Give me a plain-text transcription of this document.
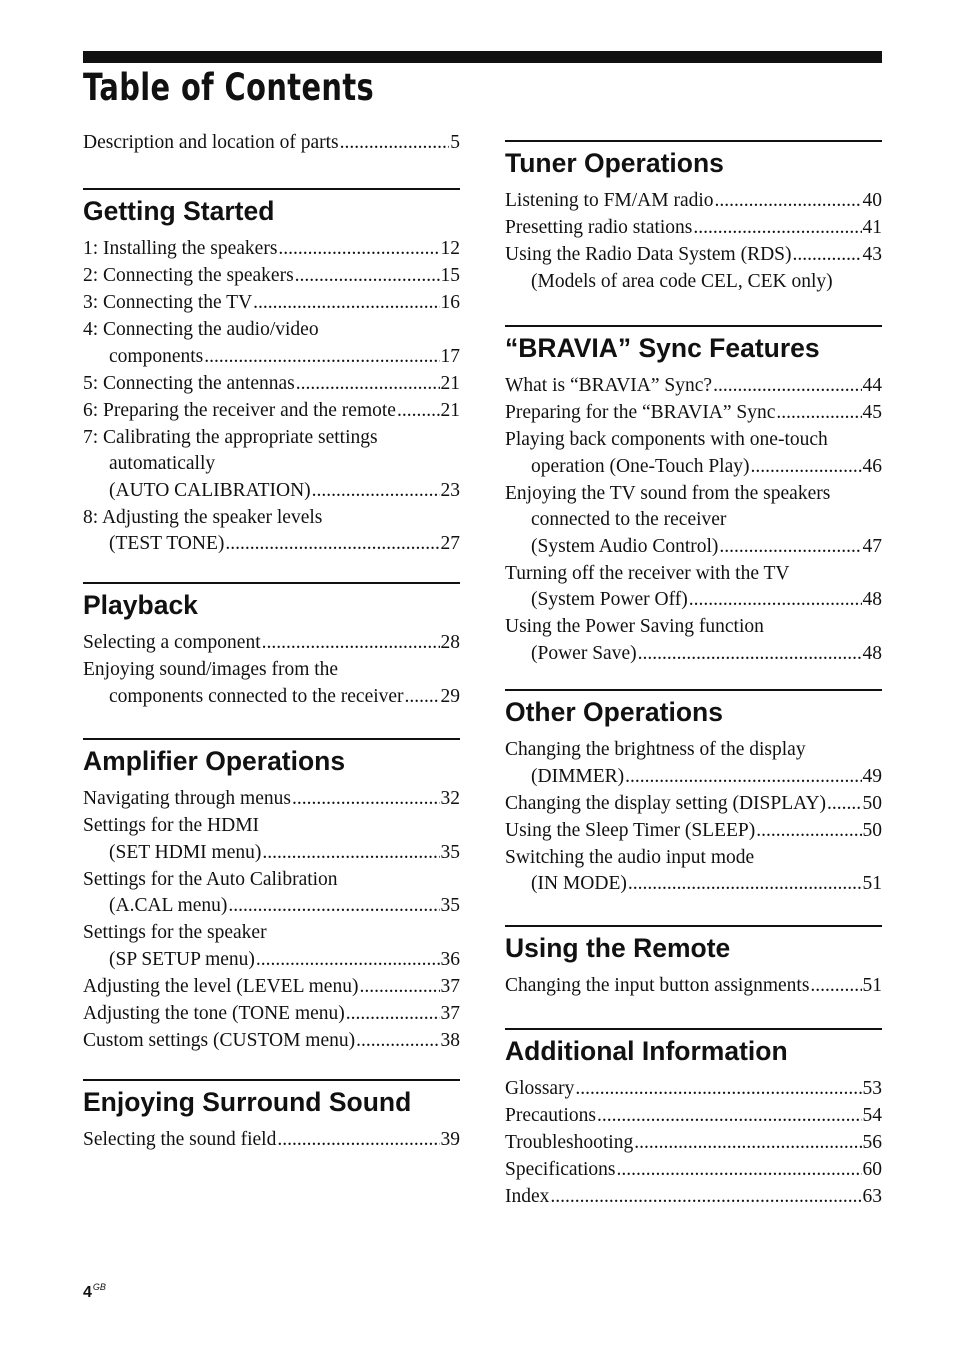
Table of Contents
Description and location of parts .....	5
Getting Started
1: Installing the speakers .....	12
2: Connecting the speakers .....	15
3: Connecting the TV .....	16
4: Connecting the audio/video
components .....	17
5: Connecting the antennas .....	21
6: Preparing the receiver and the remote ..... 21
7: Calibrating the appropriate settings
automatically
(AUTO CALIBRATION) .....	23
8: Adjusting the speaker levels
(TEST TONE) .....	27
Playback
Selecting a component .....	28
Enjoying sound/images from the
components connected to the receiver ..... 29
Amplifier Operations
Navigating through menus .....	32
Settings for the HDMI
(SET HDMI menu) .....	35
Settings for the Auto Calibration
(A.CAL menu) .....	35
Settings for the speaker
(SP SETUP menu) .....	36
Adjusting the level (LEVEL menu) .....	37
Adjusting the tone (TONE menu) .....	37
Custom settings (CUSTOM menu) .....	38
Enjoying Surround Sound
Selecting the sound field .....	39
Tuner Operations
Listening to FM/AM radio .....	40
Presetting radio stations .....	41
Using the Radio Data System (RDS) .....	43
(Models of area code CEL, CEK only)
“BRAVIA” Sync Features
What is “BRAVIA” Sync? .....	44
Preparing for the “BRAVIA” Sync .....	45
Playing back components with one-touch
operation (One-Touch Play) .....	46
Enjoying the TV sound from the speakers
connected to the receiver
(System Audio Control) .....	47
Turning off the receiver with the TV
(System Power Off) .....	48
Using the Power Saving function
(Power Save) .....	48
Other Operations
Changing the brightness of the display
(DIMMER) .....	49
Changing the display setting (DISPLAY) ..... 50
Using the Sleep Timer (SLEEP) .....	50
Switching the audio input mode
(IN MODE) .....	51
Using the Remote
Changing the input button assignments .....	51
Additional Information
Glossary .....	53
Precautions .....	54
Troubleshooting .....	56
Specifications .....	60
Index .....	63
$4^{GB}$
